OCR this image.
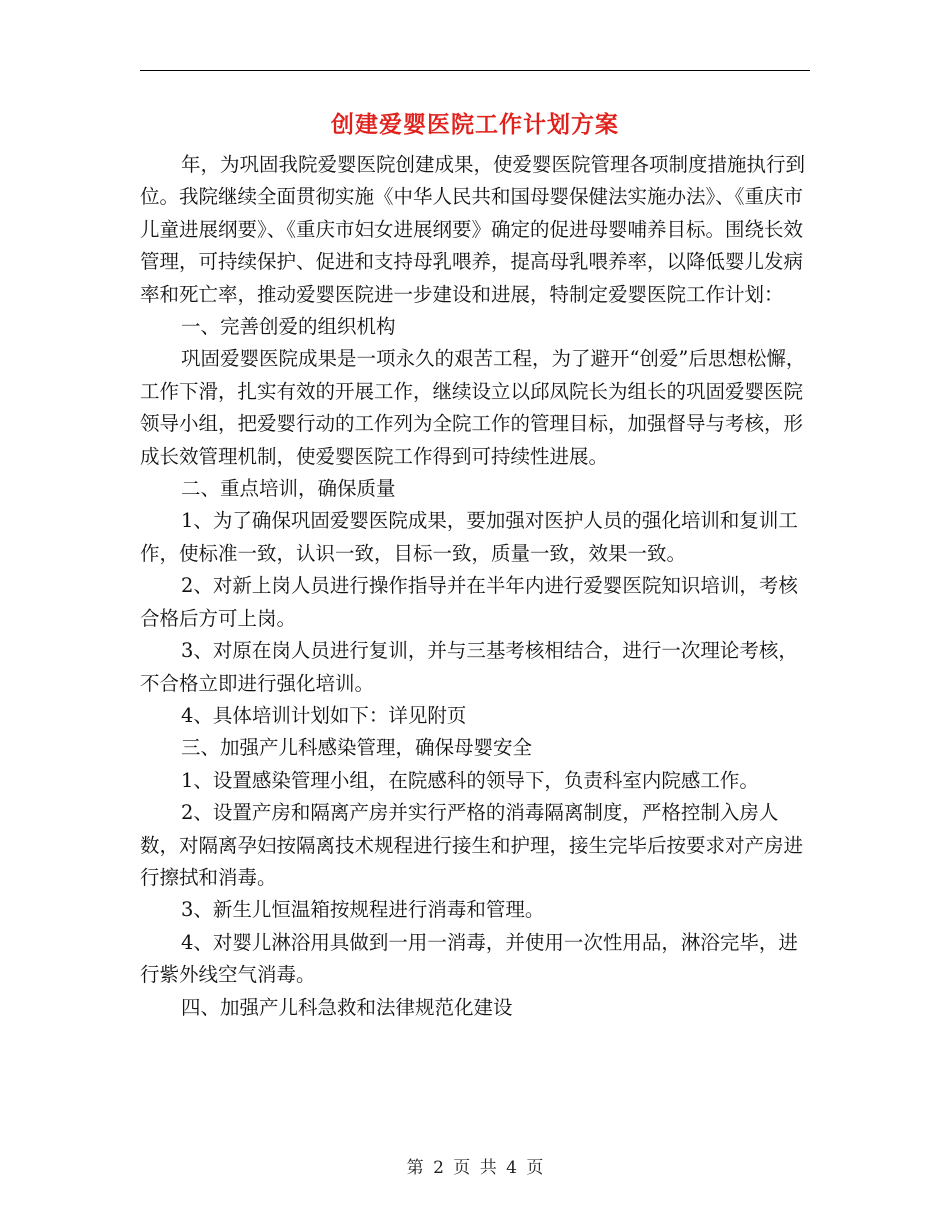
创建爱婴医院工作计划方案

年，为巩固我院爱婴医院创建成果，使爱婴医院管理各项制度措施执行到位。我院继续全面贯彻实施《中华人民共和国母婴保健法实施办法》、《重庆市儿童进展纲要》、《重庆市妇女进展纲要》确定的促进母婴哺养目标。围绕长效管理，可持续保护、促进和支持母乳喂养，提高母乳喂养率，以降低婴儿发病率和死亡率，推动爱婴医院进一步建设和进展，特制定爱婴医院工作计划：

一、完善创爱的组织机构

巩固爱婴医院成果是一项永久的艰苦工程，为了避开“创爱”后思想松懈，工作下滑，扎实有效的开展工作，继续设立以邱凤院长为组长的巩固爱婴医院领导小组，把爱婴行动的工作列为全院工作的管理目标，加强督导与考核，形成长效管理机制，使爱婴医院工作得到可持续性进展。

二、重点培训，确保质量

1、为了确保巩固爱婴医院成果，要加强对医护人员的强化培训和复训工作，使标准一致，认识一致，目标一致，质量一致，效果一致。

2、对新上岗人员进行操作指导并在半年内进行爱婴医院知识培训，考核合格后方可上岗。

3、对原在岗人员进行复训，并与三基考核相结合，进行一次理论考核，不合格立即进行强化培训。

4、具体培训计划如下：详见附页

三、加强产儿科感染管理，确保母婴安全

1、设置感染管理小组，在院感科的领导下，负责科室内院感工作。

2、设置产房和隔离产房并实行严格的消毒隔离制度，严格控制入房人数，对隔离孕妇按隔离技术规程进行接生和护理，接生完毕后按要求对产房进行擦拭和消毒。

3、新生儿恒温箱按规程进行消毒和管理。

4、对婴儿淋浴用具做到一用一消毒，并使用一次性用品，淋浴完毕，进行紫外线空气消毒。

四、加强产儿科急救和法律规范化建设

第 2 页 共 4 页
